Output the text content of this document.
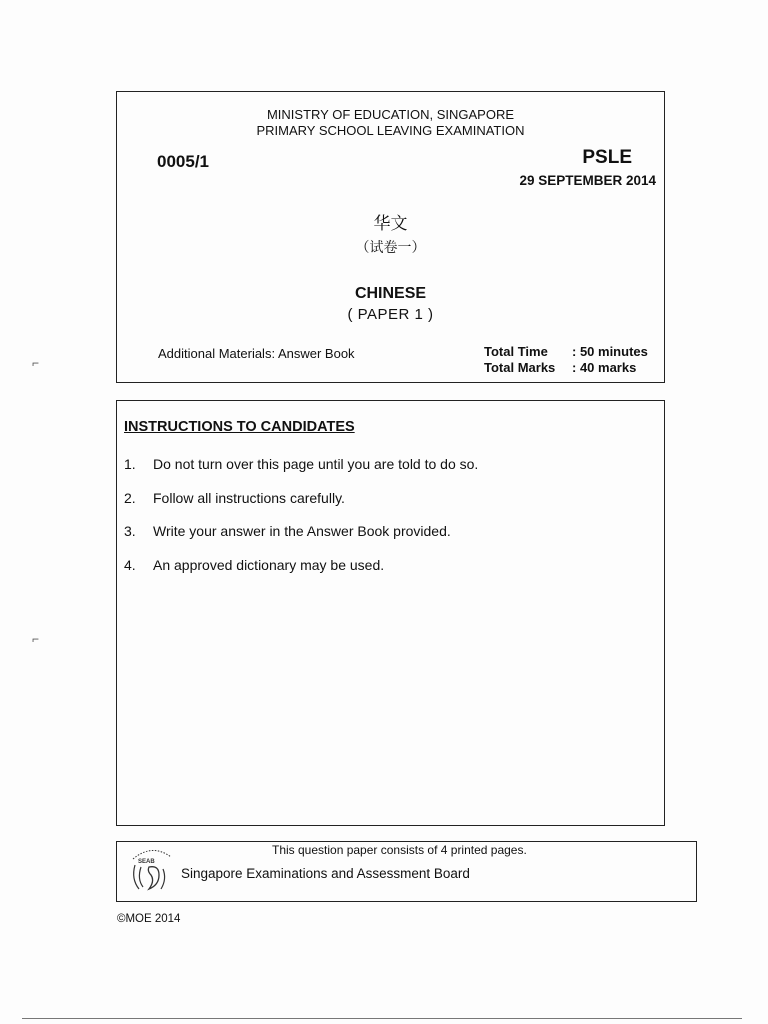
⌐
⌐
MINISTRY OF EDUCATION, SINGAPORE
PRIMARY SCHOOL LEAVING EXAMINATION
0005/1	PSLE
29 SEPTEMBER 2014
华文
（试卷一）
CHINESE
( PAPER 1 )
Additional Materials: Answer Book	Total Time	: 50 minutes
Total Marks	: 40 marks
INSTRUCTIONS TO CANDIDATES
1.	Do not turn over this page until you are told to do so.
2.	Follow all instructions carefully.
3.	Write your answer in the Answer Book provided.
4.	An approved dictionary may be used.
SEAB
This question paper consists of 4 printed pages.
Singapore Examinations and Assessment Board
©MOE 2014
